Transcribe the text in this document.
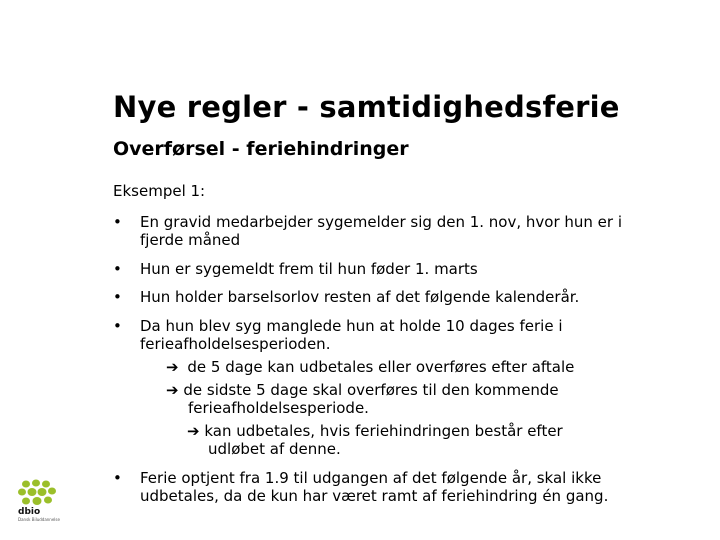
Nye regler - samtidighedsferie
Overførsel - feriehindringer
Eksempel 1:
• En gravid medarbejder sygemelder sig den 1. nov, hvor hun er i
fjerde måned
• Hun er sygemeldt frem til hun føder 1. marts
• Hun holder barselsorlov resten af det følgende kalenderår.
• Da hun blev syg manglede hun at holde 10 dages ferie i
ferieafholdelsesperioden.
➔ de 5 dage kan udbetales eller overføres efter aftale
➔ de sidste 5 dage skal overføres til den kommende
ferieafholdelsesperiode.
➔ kan udbetales, hvis feriehindringen består efter
udløbet af denne.
• Ferie optjent fra 1.9 til udgangen af det følgende år, skal ikke
udbetales, da de kun har været ramt af feriehindring én gang.
dbio
Dansk Biluddannelse
